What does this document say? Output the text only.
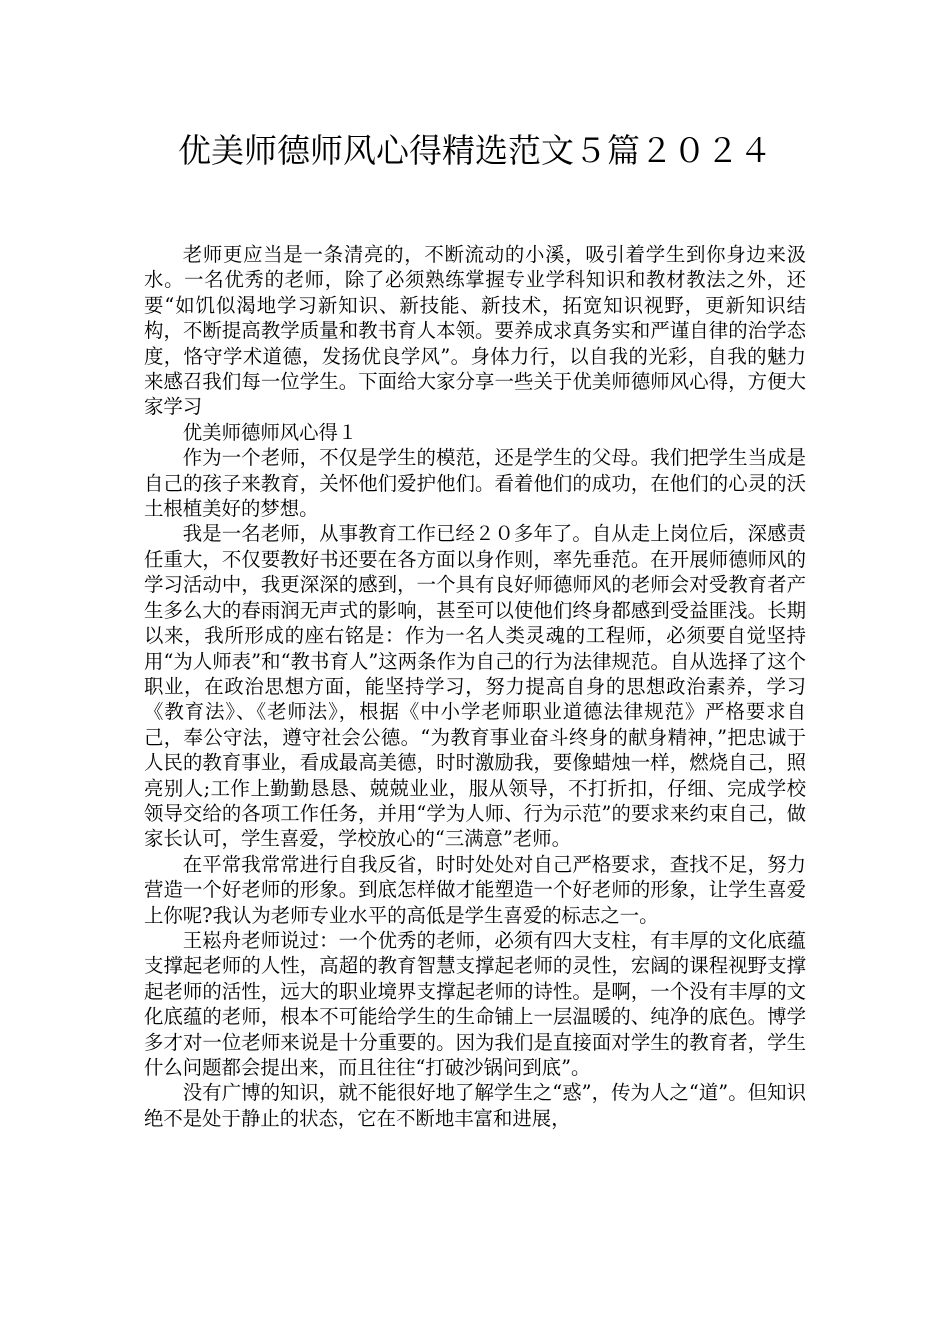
优美师德师风心得精选范文５篇２０２４

老师更应当是一条清亮的，不断流动的小溪，吸引着学生到你身边来汲水。一名优秀的老师，除了必须熟练掌握专业学科知识和教材教法之外，还要“如饥似渴地学习新知识、新技能、新技术，拓宽知识视野，更新知识结构，不断提高教学质量和教书育人本领。要养成求真务实和严谨自律的治学态度，恪守学术道德，发扬优良学风”。身体力行，以自我的光彩，自我的魅力来感召我们每一位学生。下面给大家分享一些关于优美师德师风心得，方便大家学习

优美师德师风心得１

作为一个老师，不仅是学生的模范，还是学生的父母。我们把学生当成是自己的孩子来教育，关怀他们爱护他们。看着他们的成功，在他们的心灵的沃土根植美好的梦想。

我是一名老师，从事教育工作已经２０多年了。自从走上岗位后，深感责任重大，不仅要教好书还要在各方面以身作则，率先垂范。在开展师德师风的学习活动中，我更深深的感到，一个具有良好师德师风的老师会对受教育者产生多么大的春雨润无声式的影响，甚至可以使他们终身都感到受益匪浅。长期以来，我所形成的座右铭是：作为一名人类灵魂的工程师，必须要自觉坚持用“为人师表”和“教书育人”这两条作为自己的行为法律规范。自从选择了这个职业，在政治思想方面，能坚持学习，努力提高自身的思想政治素养，学习《教育法》、《老师法》，根据《中小学老师职业道德法律规范》严格要求自己，奉公守法，遵守社会公德。“为教育事业奋斗终身的献身精神，”把忠诚于人民的教育事业，看成最高美德，时时激励我，要像蜡烛一样，燃烧自己，照亮别人;工作上勤勤恳恳、兢兢业业，服从领导，不打折扣，仔细、完成学校领导交给的各项工作任务，并用“学为人师、行为示范”的要求来约束自己，做家长认可，学生喜爱，学校放心的“三满意”老师。

在平常我常常进行自我反省，时时处处对自己严格要求，查找不足，努力营造一个好老师的形象。到底怎样做才能塑造一个好老师的形象，让学生喜爱上你呢?我认为老师专业水平的高低是学生喜爱的标志之一。

王崧舟老师说过：一个优秀的老师，必须有四大支柱，有丰厚的文化底蕴支撑起老师的人性，高超的教育智慧支撑起老师的灵性，宏阔的课程视野支撑起老师的活性，远大的职业境界支撑起老师的诗性。是啊，一个没有丰厚的文化底蕴的老师，根本不可能给学生的生命铺上一层温暖的、纯净的底色。博学多才对一位老师来说是十分重要的。因为我们是直接面对学生的教育者，学生什么问题都会提出来，而且往往“打破沙锅问到底”。

没有广博的知识，就不能很好地了解学生之“惑”，传为人之“道”。但知识绝不是处于静止的状态，它在不断地丰富和进展，
